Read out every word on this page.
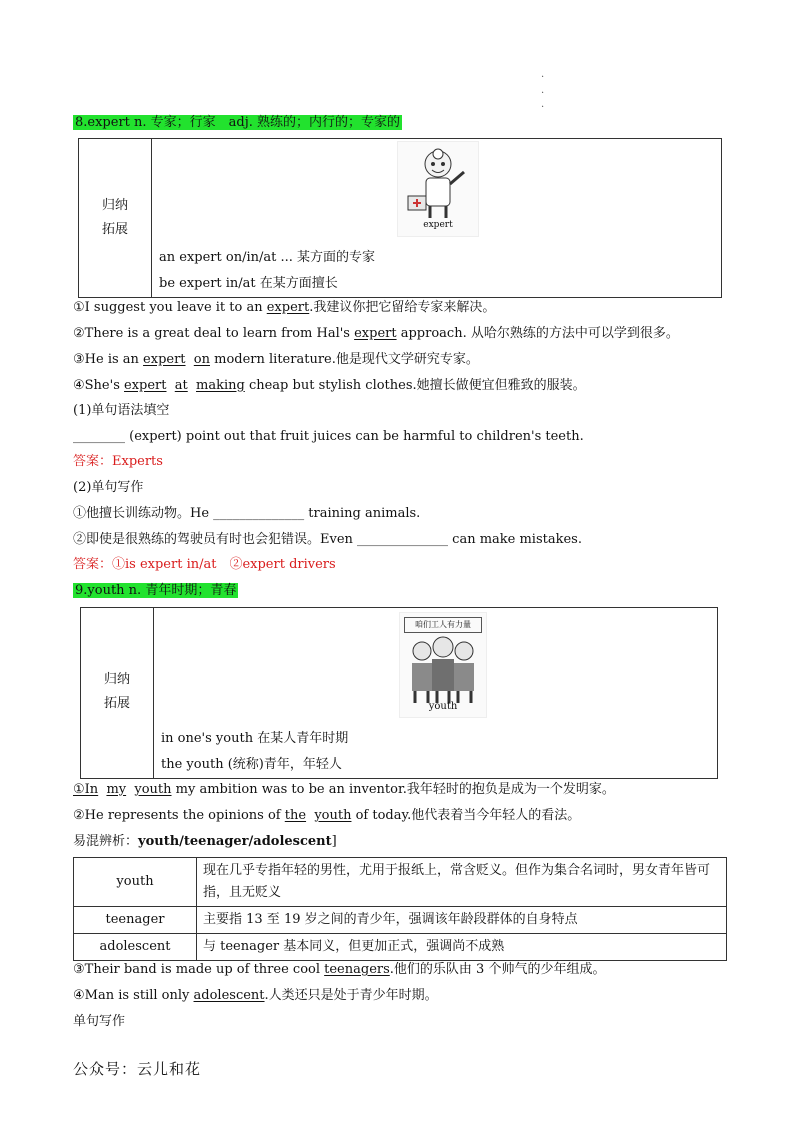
.
.
.
8.expert n. 专家；行家　adj. 熟练的；内行的；专家的
归纳
拓展	expert
an expert on/in/at ... 某方面的专家
be expert in/at 在某方面擅长
①I suggest you leave it to an expert.我建议你把它留给专家来解决。
②There is a great deal to learn from Hal's expert approach. 从哈尔熟练的方法中可以学到很多。
③He is an expert on modern literature.他是现代文学研究专家。
④She's expert at making cheap but stylish clothes.她擅长做便宜但雅致的服装。
(1)单句语法填空
________ (expert) point out that fruit juices can be harmful to children's teeth.
答案：Experts
(2)单句写作
①他擅长训练动物。He ______________ training animals.
②即使是很熟练的驾驶员有时也会犯错误。Even ______________ can make mistakes.
答案：①is expert in/at　②expert drivers
9.youth n. 青年时期；青春
归纳
拓展
咱们工人有力量
youth
in one's youth 在某人青年时期
the youth (统称)青年，年轻人
①In my youth my ambition was to be an inventor.我年轻时的抱负是成为一个发明家。
②He represents the opinions of the youth of today.他代表着当今年轻人的看法。
易混辨析：youth/teenager/adolescent]
youth	现在几乎专指年轻的男性，尤用于报纸上，常含贬义。但作为集合名词时，男女青年皆可指，且无贬义
teenager	主要指 13 至 19 岁之间的青少年，强调该年龄段群体的自身特点
adolescent	与 teenager 基本同义，但更加正式，强调尚不成熟
③Their band is made up of three cool teenagers.他们的乐队由 3 个帅气的少年组成。
④Man is still only adolescent.人类还只是处于青少年时期。
单句写作
公众号：云儿和花
